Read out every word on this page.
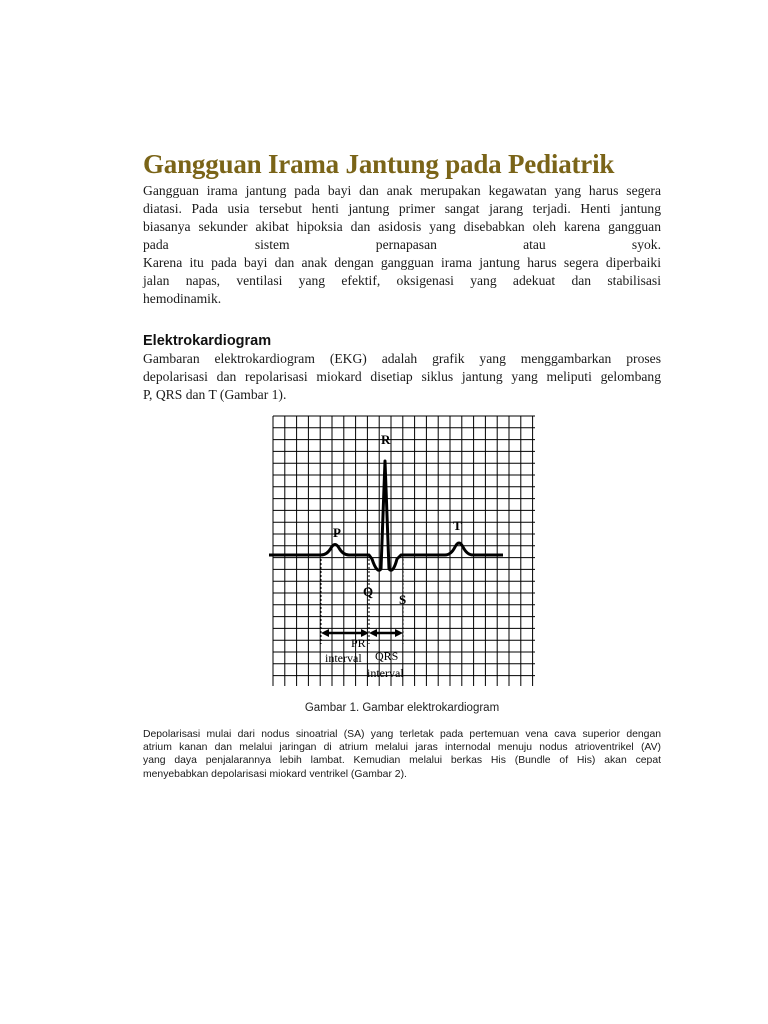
Gangguan Irama Jantung pada Pediatrik

Gangguan irama jantung pada bayi dan anak merupakan kegawatan yang harus segera
diatasi. Pada usia tersebut henti jantung primer sangat jarang terjadi. Henti jantung
biasanya sekunder akibat hipoksia dan asidosis yang disebabkan oleh karena gangguan
pada sistem pernapasan atau syok.
Karena itu pada bayi dan anak dengan gangguan irama jantung harus segera diperbaiki
jalan napas, ventilasi yang efektif, oksigenasi yang adekuat dan stabilisasi
hemodinamik.

Elektrokardiogram

Gambaran elektrokardiogram (EKG) adalah grafik yang menggambarkan proses
depolarisasi dan repolarisasi miokard disetiap siklus jantung yang meliputi gelombang
P, QRS dan T (Gambar 1).

R
P	T
Q
S
PR
interval QRS
interval
Gambar 1. Gambar elektrokardiogram

Depolarisasi mulai dari nodus sinoatrial (SA) yang terletak pada pertemuan vena cava superior dengan
atrium kanan dan melalui jaringan di atrium melalui jaras internodal menuju nodus atrioventrikel (AV)
yang daya penjalarannya lebih lambat. Kemudian melalui berkas His (Bundle of His) akan cepat
menyebabkan depolarisasi miokard ventrikel (Gambar 2).
